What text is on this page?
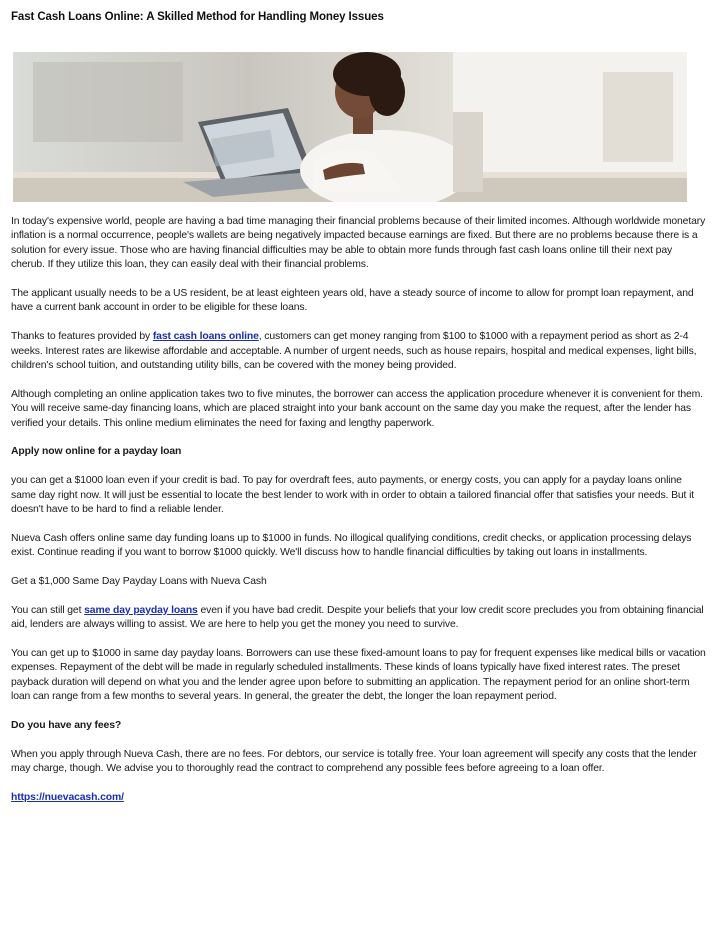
Fast Cash Loans Online: A Skilled Method for Handling Money Issues

In today's expensive world, people are having a bad time managing their financial problems because of their limited incomes. Although worldwide monetary inflation is a normal occurrence, people's wallets are being negatively impacted because earnings are fixed. But there are no problems because there is a solution for every issue. Those who are having financial difficulties may be able to obtain more funds through fast cash loans online till their next pay cherub. If they utilize this loan, they can easily deal with their financial problems.

The applicant usually needs to be a US resident, be at least eighteen years old, have a steady source of income to allow for prompt loan repayment, and have a current bank account in order to be eligible for these loans.

Thanks to features provided by fast cash loans online, customers can get money ranging from $100 to $1000 with a repayment period as short as 2-4 weeks. Interest rates are likewise affordable and acceptable. A number of urgent needs, such as house repairs, hospital and medical expenses, light bills, children's school tuition, and outstanding utility bills, can be covered with the money being provided.

Although completing an online application takes two to five minutes, the borrower can access the application procedure whenever it is convenient for them. You will receive same-day financing loans, which are placed straight into your bank account on the same day you make the request, after the lender has verified your details. This online medium eliminates the need for faxing and lengthy paperwork.

Apply now online for a payday loan

you can get a $1000 loan even if your credit is bad. To pay for overdraft fees, auto payments, or energy costs, you can apply for a payday loans online same day right now. It will just be essential to locate the best lender to work with in order to obtain a tailored financial offer that satisfies your needs. But it doesn't have to be hard to find a reliable lender.

Nueva Cash offers online same day funding loans up to $1000 in funds. No illogical qualifying conditions, credit checks, or application processing delays exist. Continue reading if you want to borrow $1000 quickly. We'll discuss how to handle financial difficulties by taking out loans in installments.

Get a $1,000 Same Day Payday Loans with Nueva Cash

You can still get same day payday loans even if you have bad credit. Despite your beliefs that your low credit score precludes you from obtaining financial aid, lenders are always willing to assist. We are here to help you get the money you need to survive.

You can get up to $1000 in same day payday loans. Borrowers can use these fixed-amount loans to pay for frequent expenses like medical bills or vacation expenses. Repayment of the debt will be made in regularly scheduled installments. These kinds of loans typically have fixed interest rates. The preset payback duration will depend on what you and the lender agree upon before to submitting an application. The repayment period for an online short-term loan can range from a few months to several years. In general, the greater the debt, the longer the loan repayment period.

Do you have any fees?

When you apply through Nueva Cash, there are no fees. For debtors, our service is totally free. Your loan agreement will specify any costs that the lender may charge, though. We advise you to thoroughly read the contract to comprehend any possible fees before agreeing to a loan offer.

https://nuevacash.com/
